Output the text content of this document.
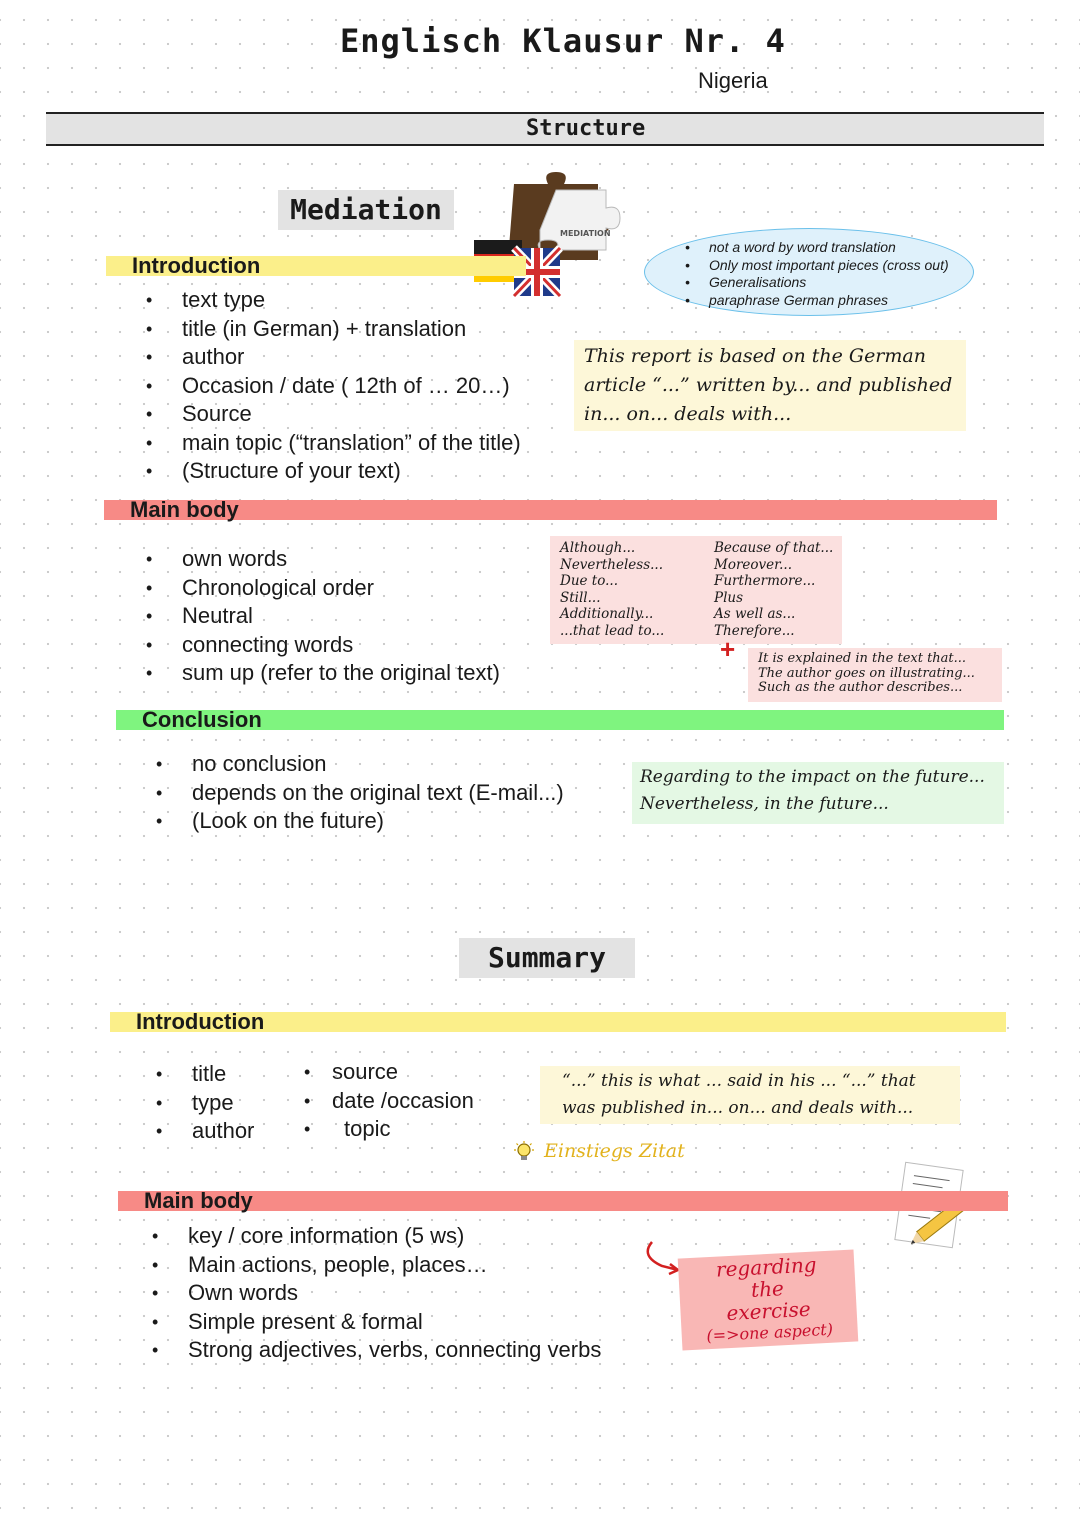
Englisch Klausur Nr. 4
Nigeria
Structure
Mediation
MEDIATION
• not a word by word translation
• Only most important pieces (cross out)
• Generalisations
• paraphrase German phrases
Introduction
• text type
• title (in German) + translation
• author
• Occasion / date ( 12th of … 20…)
• Source
• main topic (“translation” of the title)
• (Structure of your text)
This report is based on the German article “...” written by... and published in... on... deals with...
Main body
• own words
• Chronological order
• Neutral
• connecting words
• sum up (refer to the original text)
Although...
Nevertheless...
Due to...
Still...
Additionally...
...that lead to...
Because of that...
Moreover...
Furthermore...
Plus
As well as...
Therefore...
+ It is explained in the text that...
The author goes on illustrating...
Such as the author describes...
Conclusion
• no conclusion
• depends on the original text (E-mail...)
• (Look on the future)
Regarding to the impact on the future...
Nevertheless, in the future...
Summary
Introduction
• title
• type
• author
• source
• date /occasion
• topic
“...” this is what ... said in his ... “...” that was published in... on... and deals with...
Einstiegs Zitat
Main body
• key / core information (5 ws)
• Main actions, people, places…
• Own words
• Simple present & formal
• Strong adjectives, verbs, connecting verbs
regarding
the
exercise
(=>one aspect)
